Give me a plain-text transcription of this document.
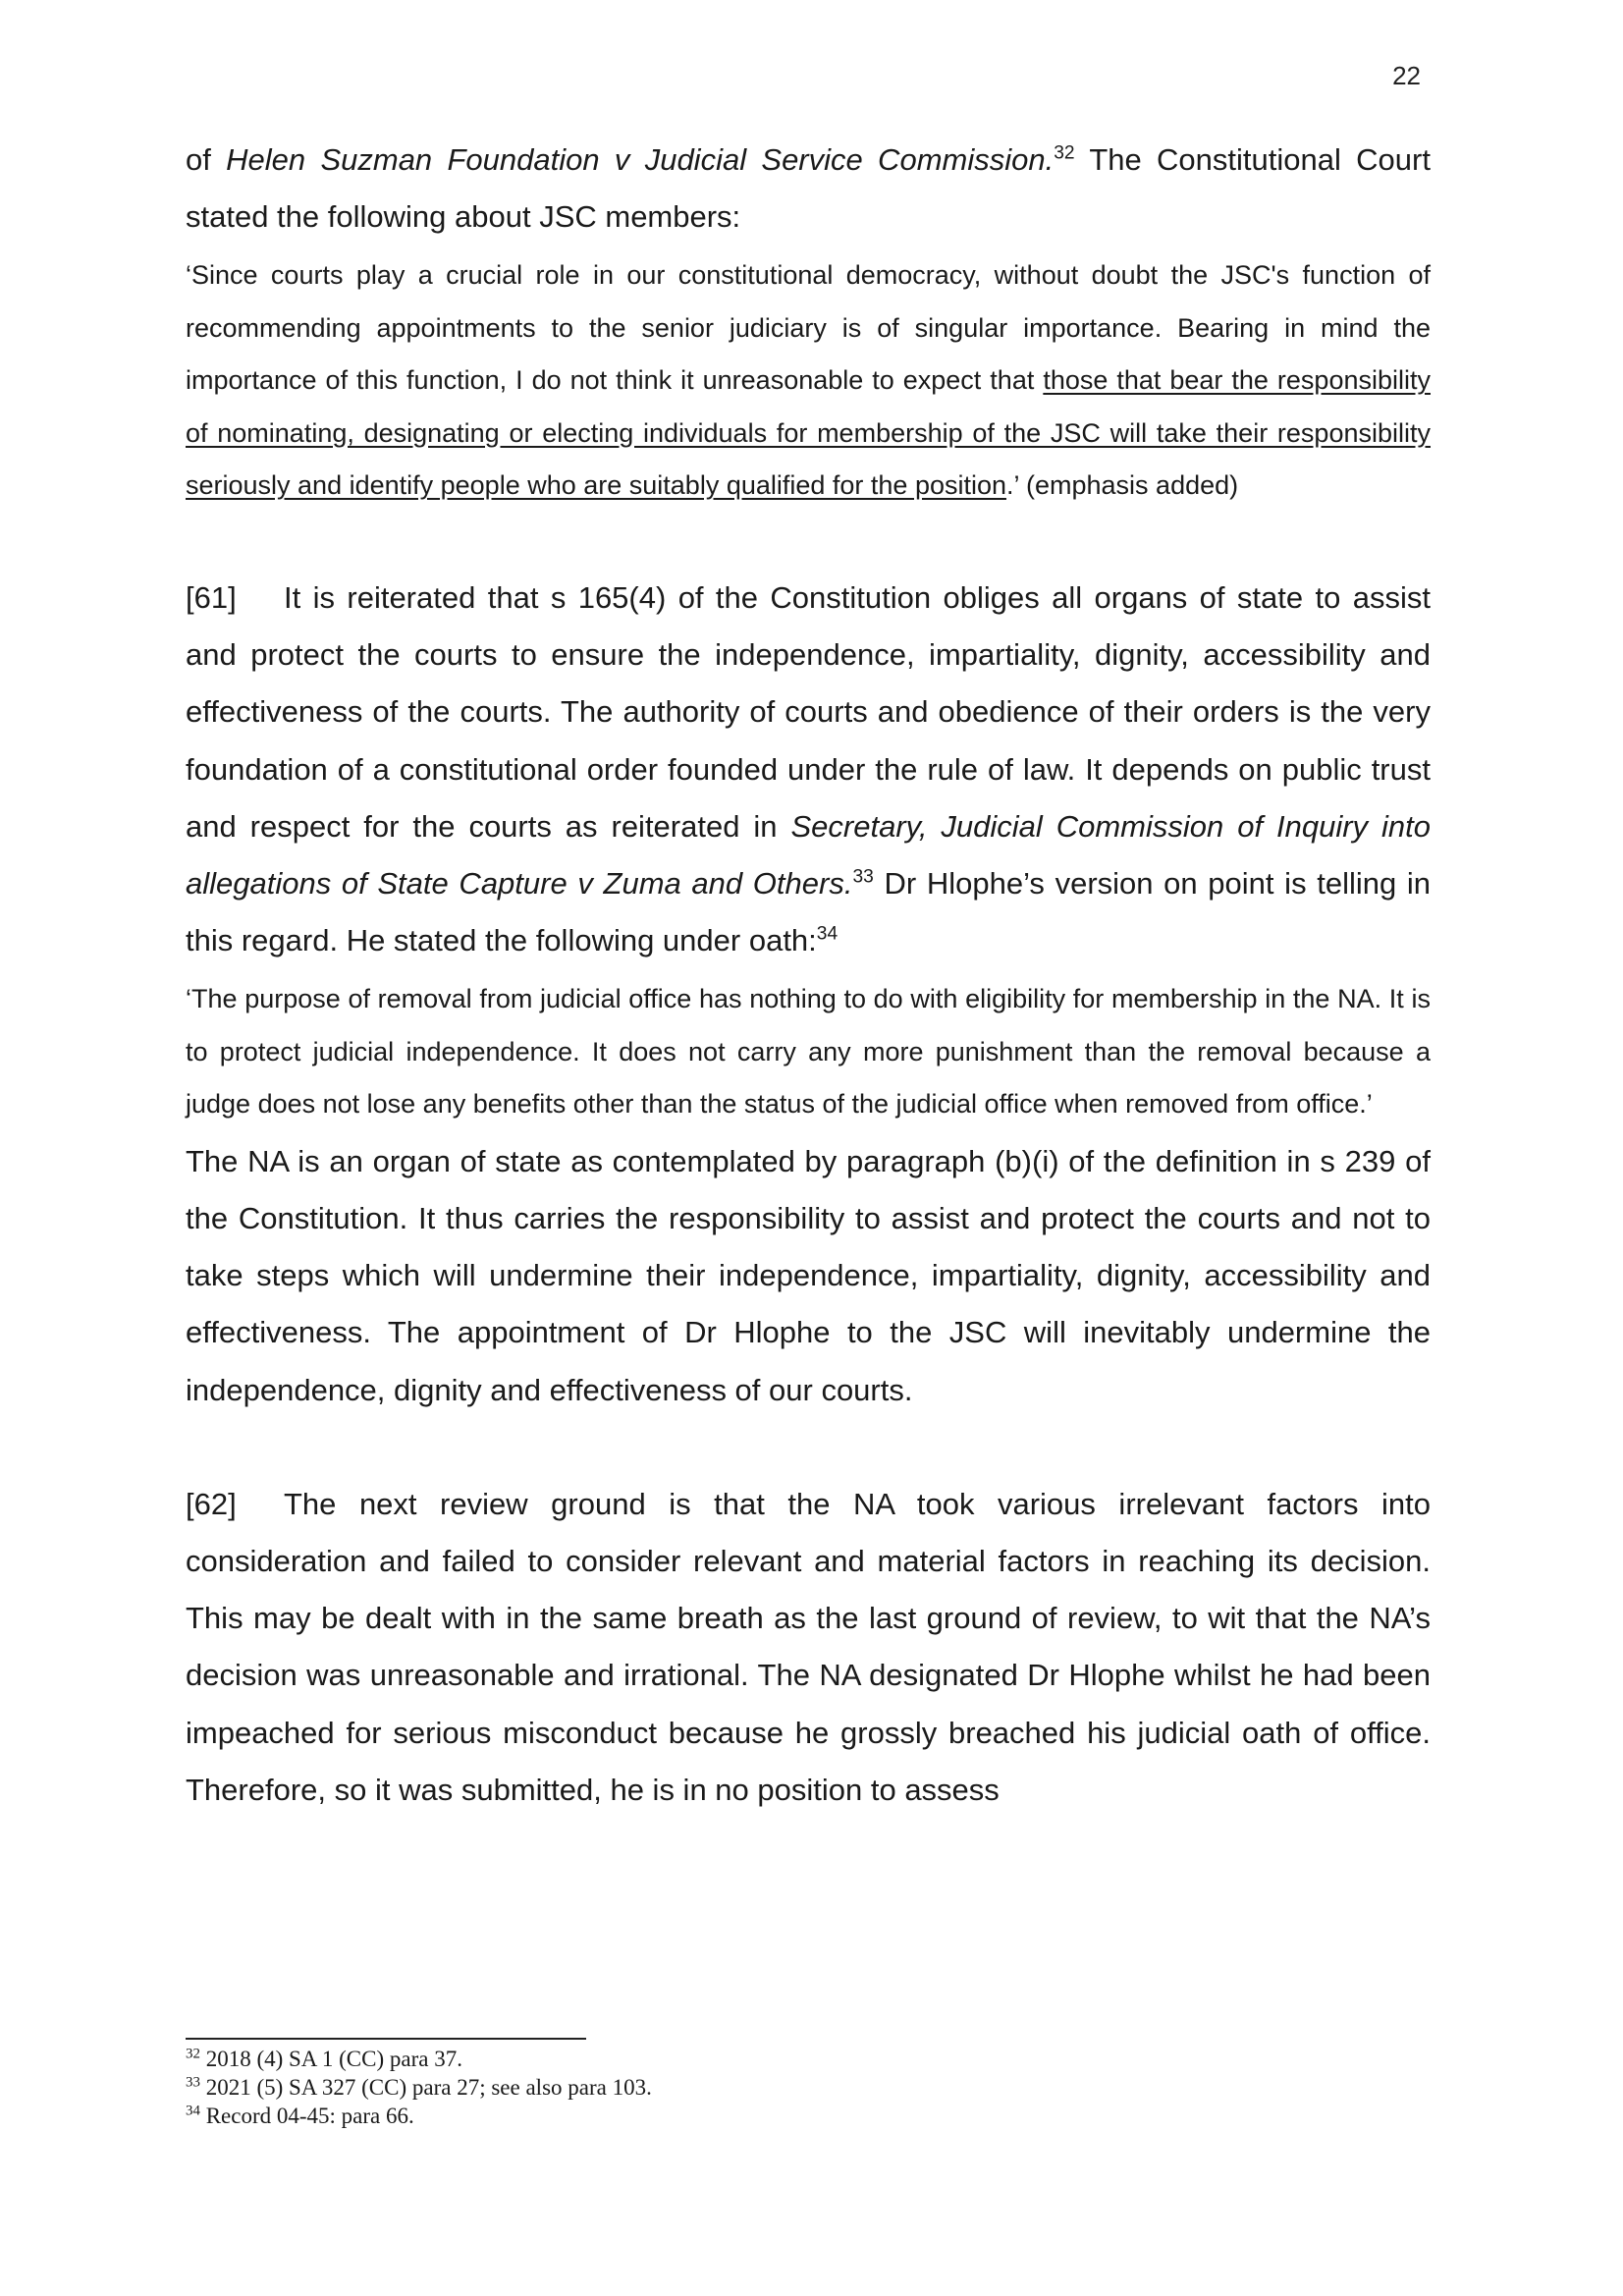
22

of Helen Suzman Foundation v Judicial Service Commission.$^{32}$ The Constitutional Court stated the following about JSC members:

‘Since courts play a crucial role in our constitutional democracy, without doubt the JSC's function of recommending appointments to the senior judiciary is of singular importance. Bearing in mind the importance of this function, I do not think it unreasonable to expect that those that bear the responsibility of nominating, designating or electing individuals for membership of the JSC will take their responsibility seriously and identify people who are suitably qualified for the position.’ (emphasis added)

[61] It is reiterated that s 165(4) of the Constitution obliges all organs of state to assist and protect the courts to ensure the independence, impartiality, dignity, accessibility and effectiveness of the courts. The authority of courts and obedience of their orders is the very foundation of a constitutional order founded under the rule of law. It depends on public trust and respect for the courts as reiterated in Secretary, Judicial Commission of Inquiry into allegations of State Capture v Zuma and Others.$^{33}$ Dr Hlophe’s version on point is telling in this regard. He stated the following under oath:$^{34}$

‘The purpose of removal from judicial office has nothing to do with eligibility for membership in the NA. It is to protect judicial independence. It does not carry any more punishment than the removal because a judge does not lose any benefits other than the status of the judicial office when removed from office.’

The NA is an organ of state as contemplated by paragraph (b)(i) of the definition in s 239 of the Constitution. It thus carries the responsibility to assist and protect the courts and not to take steps which will undermine their independence, impartiality, dignity, accessibility and effectiveness. The appointment of Dr Hlophe to the JSC will inevitably undermine the independence, dignity and effectiveness of our courts.

[62] The next review ground is that the NA took various irrelevant factors into consideration and failed to consider relevant and material factors in reaching its decision. This may be dealt with in the same breath as the last ground of review, to wit that the NA’s decision was unreasonable and irrational. The NA designated Dr Hlophe whilst he had been impeached for serious misconduct because he grossly breached his judicial oath of office. Therefore, so it was submitted, he is in no position to assess

$^{32}$ 2018 (4) SA 1 (CC) para 37.
$^{33}$ 2021 (5) SA 327 (CC) para 27; see also para 103.
$^{34}$ Record 04-45: para 66.
